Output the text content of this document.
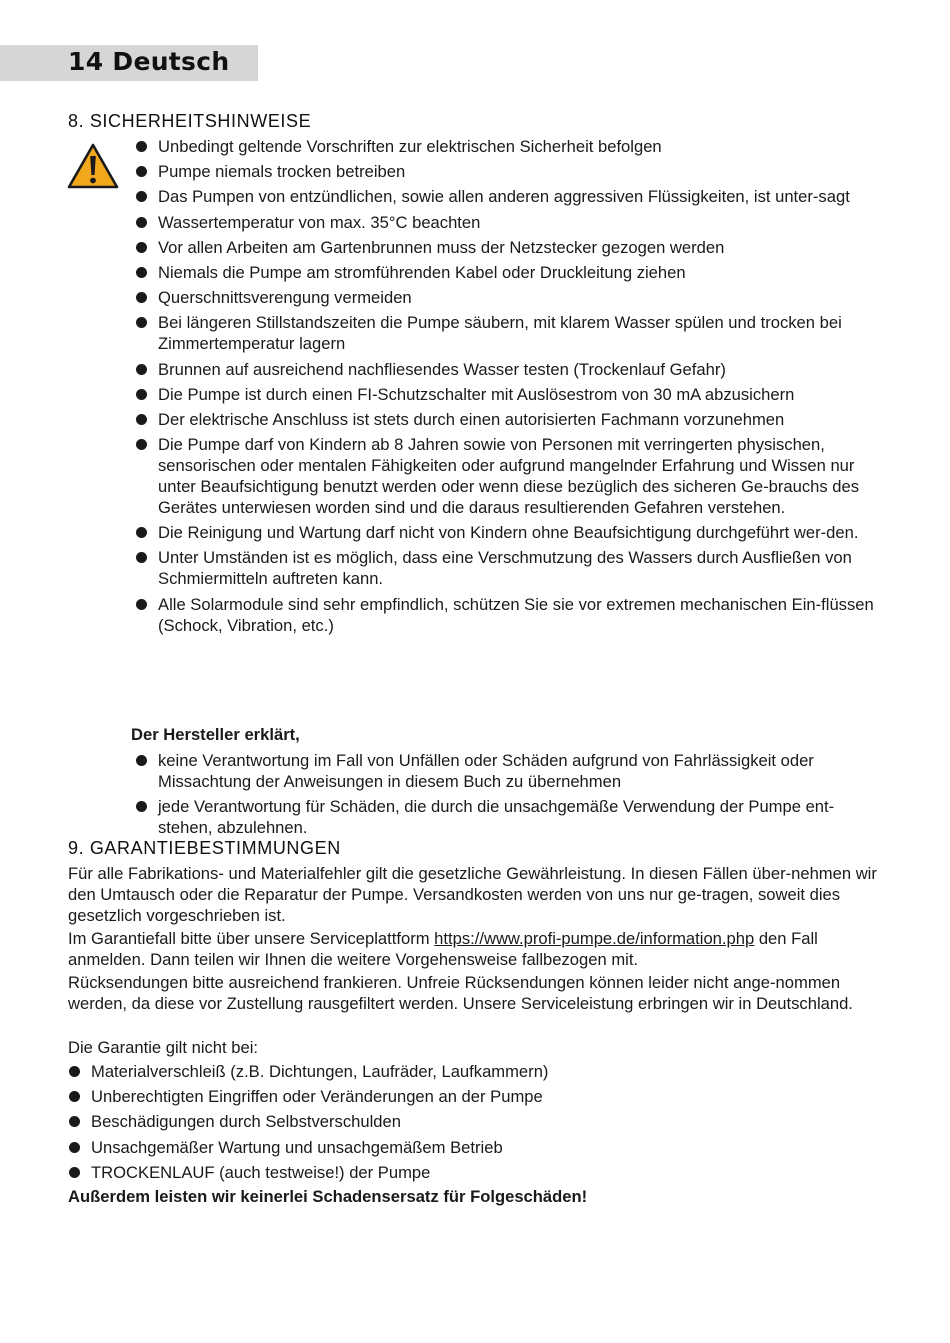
14 Deutsch
8. SICHERHEITSHINWEISE
Unbedingt geltende Vorschriften zur elektrischen Sicherheit befolgen
Pumpe niemals trocken betreiben
Das Pumpen von entzündlichen, sowie allen anderen aggressiven Flüssigkeiten, ist unter-sagt
Wassertemperatur von max. 35°C beachten
Vor allen Arbeiten am Gartenbrunnen muss der Netzstecker gezogen werden
Niemals die Pumpe am stromführenden Kabel oder Druckleitung ziehen
Querschnittsverengung vermeiden
Bei längeren Stillstandszeiten die Pumpe säubern, mit klarem Wasser spülen und trocken bei Zimmertemperatur lagern
Brunnen auf ausreichend nachfliesendes Wasser testen (Trockenlauf Gefahr)
Die Pumpe ist durch einen FI-Schutzschalter mit Auslösestrom von 30 mA abzusichern
Der elektrische Anschluss ist stets durch einen autorisierten Fachmann vorzunehmen
Die Pumpe darf von Kindern ab 8 Jahren sowie von Personen mit verringerten physischen, sensorischen oder mentalen Fähigkeiten oder aufgrund mangelnder Erfahrung und Wissen nur unter Beaufsichtigung benutzt werden oder wenn diese bezüglich des sicheren Ge-brauchs des Gerätes unterwiesen worden sind und die daraus resultierenden Gefahren verstehen.
Die Reinigung und Wartung darf nicht von Kindern ohne Beaufsichtigung durchgeführt wer-den.
Unter Umständen ist es möglich, dass eine Verschmutzung des Wassers durch Ausfließen von Schmiermitteln auftreten kann.
Alle Solarmodule sind sehr empfindlich, schützen Sie sie vor extremen mechanischen Ein-flüssen (Schock, Vibration, etc.)

Der Hersteller erklärt,

keine Verantwortung im Fall von Unfällen oder Schäden aufgrund von Fahrlässigkeit oder Missachtung der Anweisungen in diesem Buch zu übernehmen
jede Verantwortung für Schäden, die durch die unsachgemäße Verwendung der Pumpe ent-stehen, abzulehnen.
9. GARANTIEBESTIMMUNGEN

Für alle Fabrikations- und Materialfehler gilt die gesetzliche Gewährleistung. In diesen Fällen über-nehmen wir den Umtausch oder die Reparatur der Pumpe. Versandkosten werden von uns nur ge-tragen, soweit dies gesetzlich vorgeschrieben ist.

Im Garantiefall bitte über unsere Serviceplattform https://www.profi-pumpe.de/information.php den Fall anmelden. Dann teilen wir Ihnen die weitere Vorgehensweise fallbezogen mit.

Rücksendungen bitte ausreichend frankieren. Unfreie Rücksendungen können leider nicht ange-nommen werden, da diese vor Zustellung rausgefiltert werden. Unsere Serviceleistung erbringen wir in Deutschland.

Die Garantie gilt nicht bei:

Materialverschleiß (z.B. Dichtungen, Laufräder, Laufkammern)
Unberechtigten Eingriffen oder Veränderungen an der Pumpe
Beschädigungen durch Selbstverschulden
Unsachgemäßer Wartung und unsachgemäßem Betrieb
TROCKENLAUF (auch testweise!) der Pumpe

Außerdem leisten wir keinerlei Schadensersatz für Folgeschäden!
